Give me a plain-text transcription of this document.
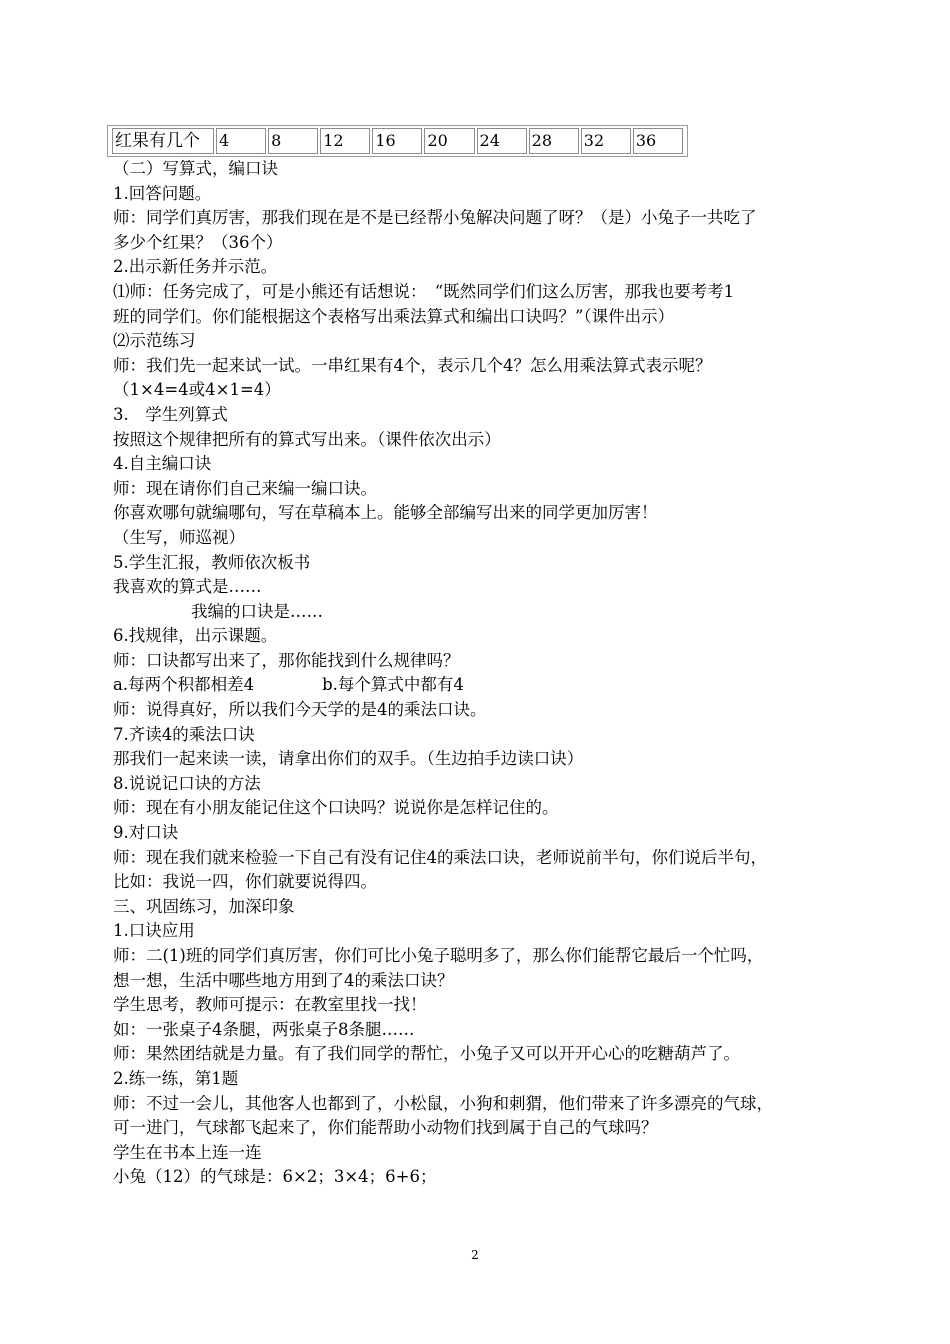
红果有几个	4	8	12	16	20	24	28	32	36

（二）写算式，编口诀

1.回答问题。

师：同学们真厉害，那我们现在是不是已经帮小兔解决问题了呀？（是）小兔子一共吃了

多少个红果？（36个）

2.出示新任务并示范。

⑴师：任务完成了，可是小熊还有话想说：　“既然同学们们这么厉害，那我也要考考1

班的同学们。你们能根据这个表格写出乘法算式和编出口诀吗？”（课件出示）

⑵示范练习

师：我们先一起来试一试。一串红果有4个，表示几个4？怎么用乘法算式表示呢？

（1×4=4或4×1=4）

3.　学生列算式

按照这个规律把所有的算式写出来。（课件依次出示）

4.自主编口诀

师：现在请你们自己来编一编口诀。

你喜欢哪句就编哪句，写在草稿本上。能够全部编写出来的同学更加厉害！

（生写，师巡视）

5.学生汇报，教师依次板书

我喜欢的算式是……

我编的口诀是……

6.找规律，出示课题。

师：口诀都写出来了，那你能找到什么规律吗？

a.每两个积都相差4	b.每个算式中都有4

师：说得真好，所以我们今天学的是4的乘法口诀。

7.齐读4的乘法口诀

那我们一起来读一读，请拿出你们的双手。（生边拍手边读口诀）

8.说说记口诀的方法

师：现在有小朋友能记住这个口诀吗？说说你是怎样记住的。

9.对口诀

师：现在我们就来检验一下自己有没有记住4的乘法口诀，老师说前半句，你们说后半句，

比如：我说一四，你们就要说得四。

三、巩固练习，加深印象

1.口诀应用

师：二(1)班的同学们真厉害，你们可比小兔子聪明多了，那么你们能帮它最后一个忙吗，

想一想，生活中哪些地方用到了4的乘法口诀？

学生思考，教师可提示：在教室里找一找！

如：一张桌子4条腿，两张桌子8条腿……

师：果然团结就是力量。有了我们同学的帮忙，小兔子又可以开开心心的吃糖葫芦了。

2.练一练，第1题

师：不过一会儿，其他客人也都到了，小松鼠，小狗和刺猬，他们带来了许多漂亮的气球，

可一进门，气球都飞起来了，你们能帮助小动物们找到属于自己的气球吗？

学生在书本上连一连

小兔（12）的气球是：6×2；3×4；6+6；

2
